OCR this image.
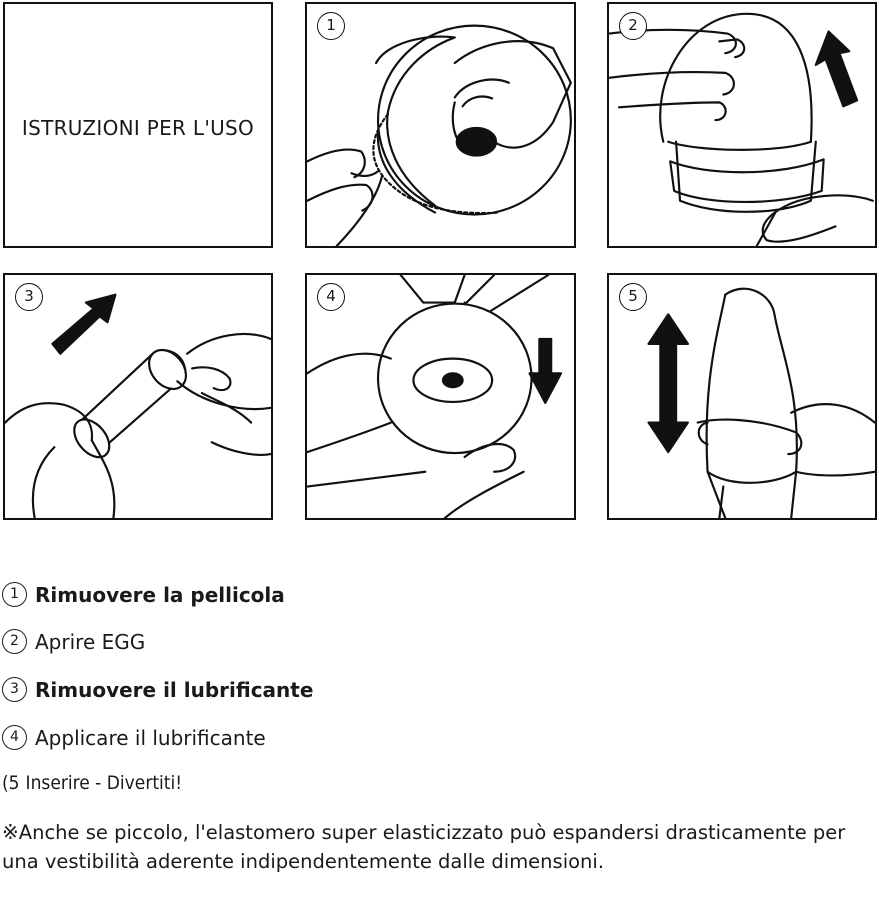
ISTRUZIONI PER L'USO
1	2
3	4	5
1 Rimuovere la pellicola
2 Aprire EGG
3 Rimuovere il lubrificante
4 Applicare il lubrificante
(5 Inserire - Divertiti!
※Anche se piccolo, l'elastomero super elasticizzato può espandersi drasticamente per una vestibilità aderente indipendentemente dalle dimensioni.
